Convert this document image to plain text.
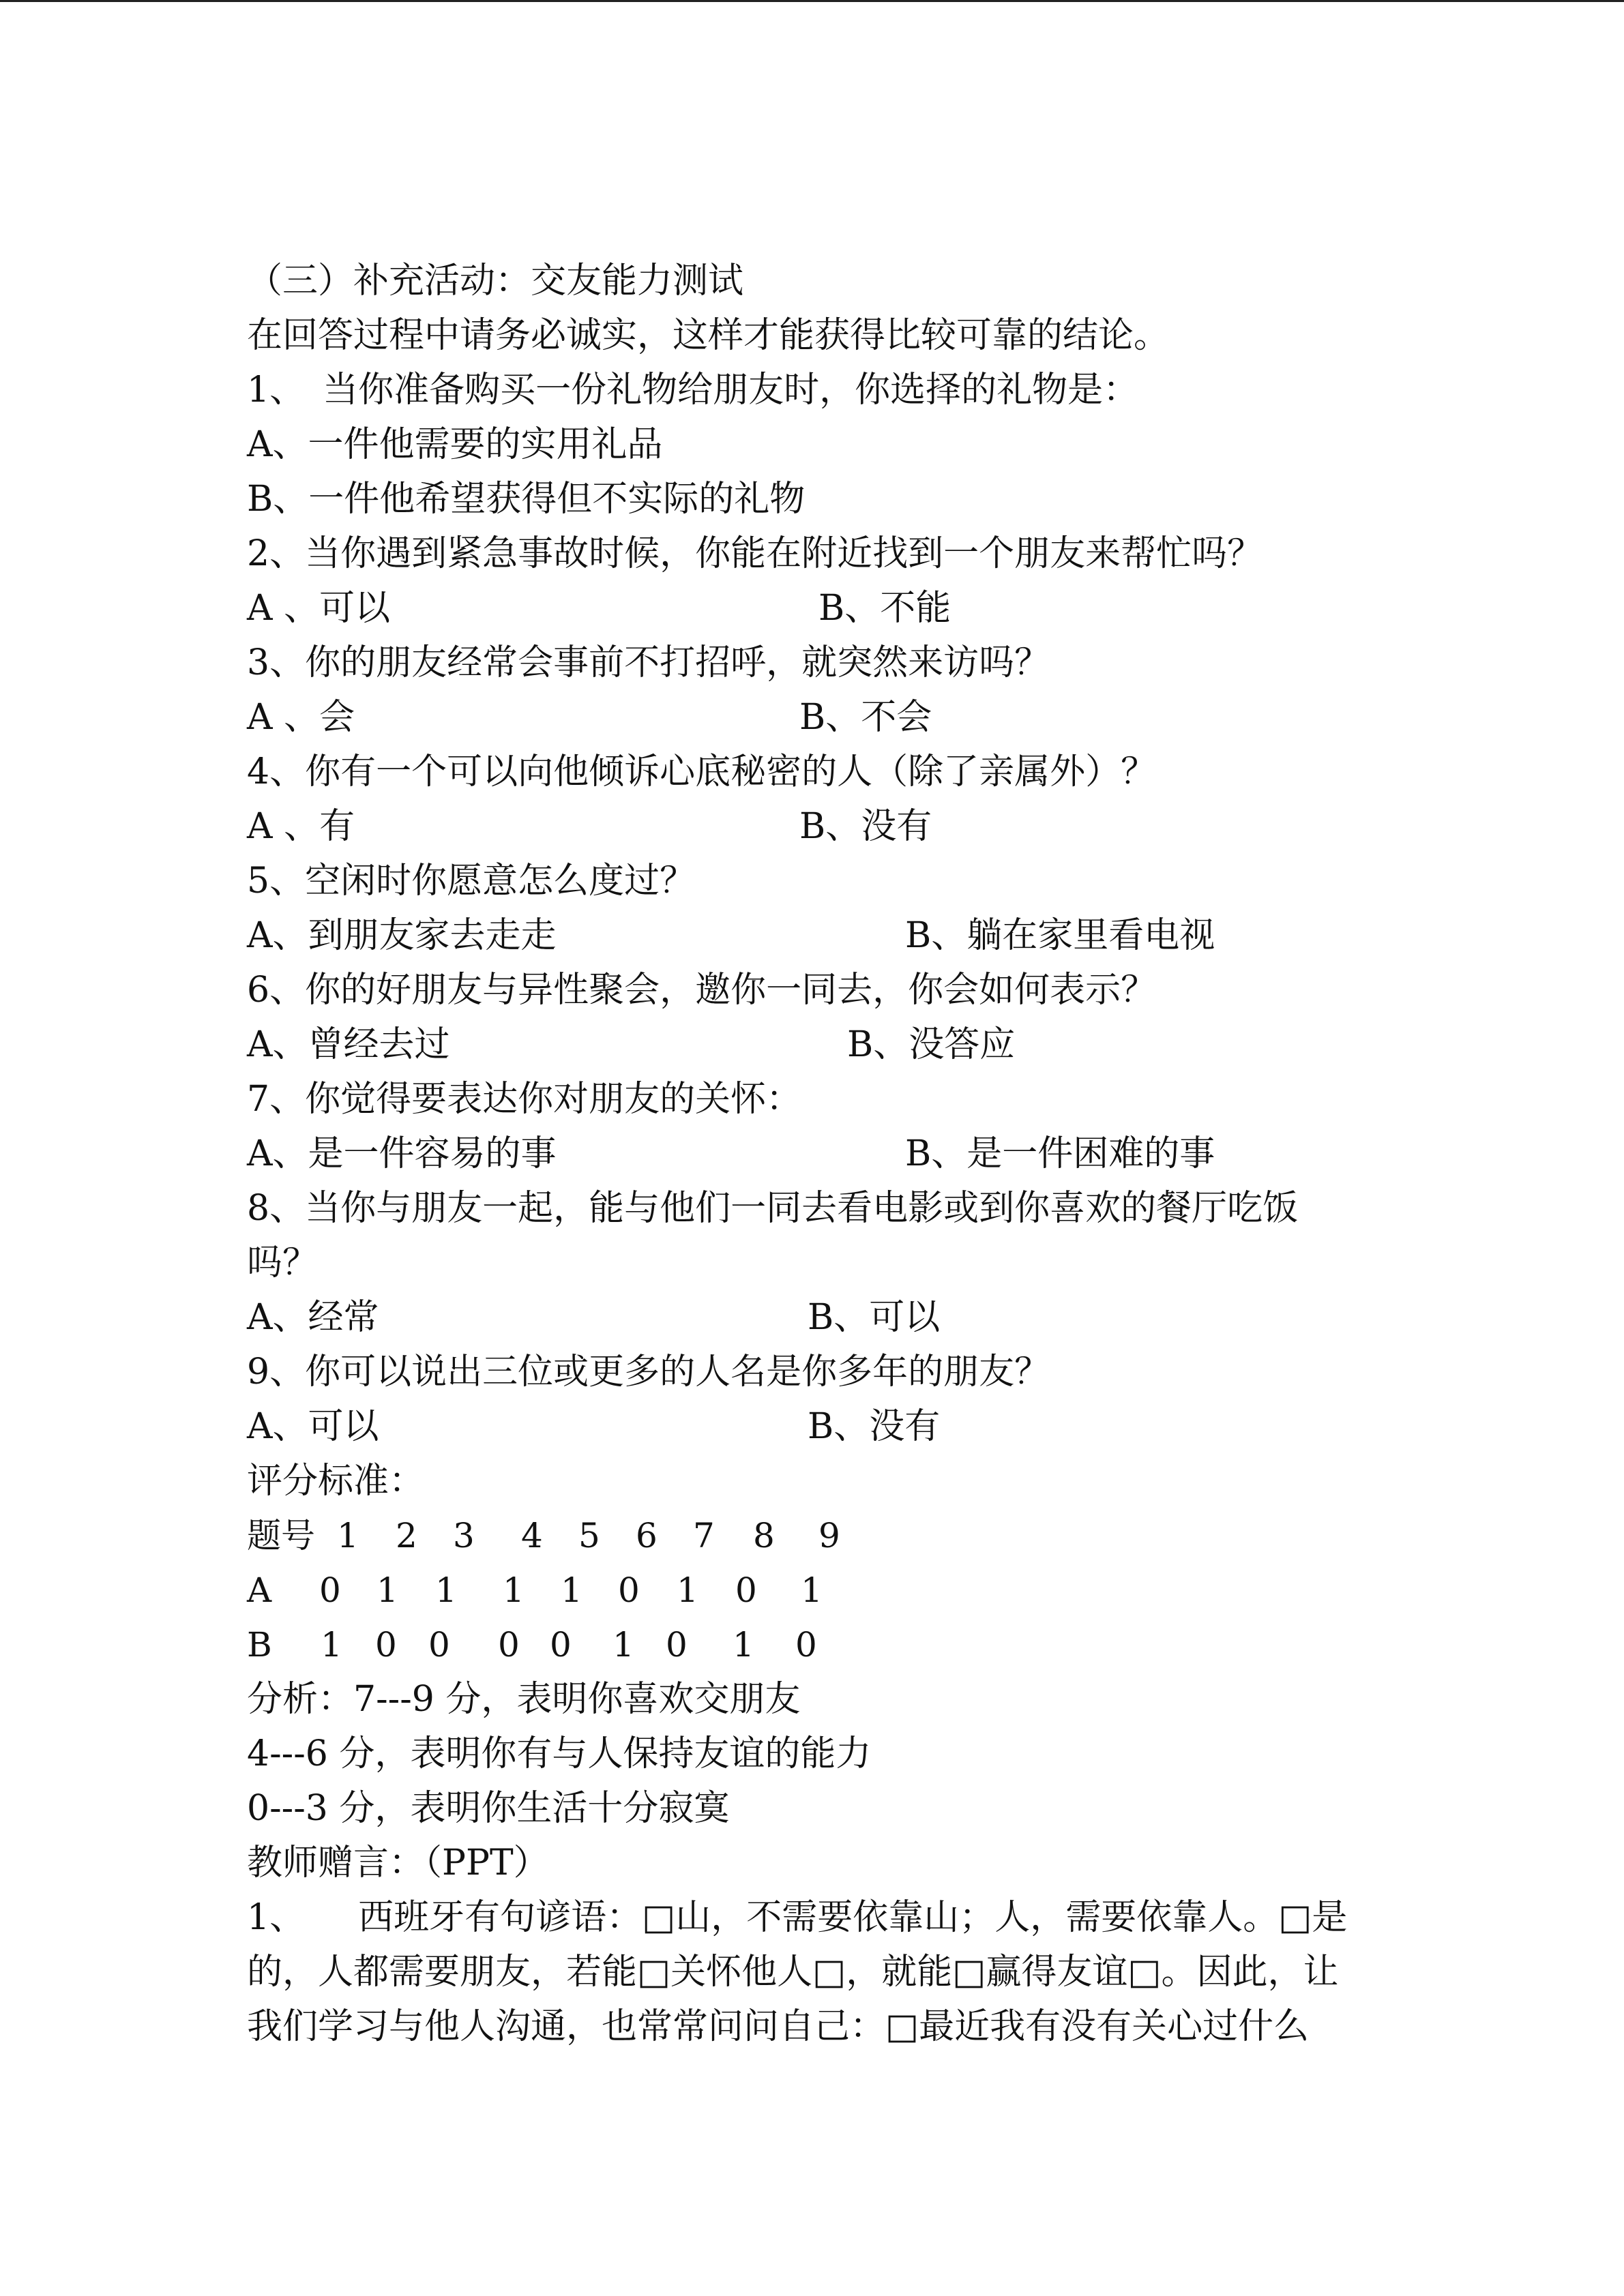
（三）补充活动：交友能力测试
在回答过程中请务必诚实，这样才能获得比较可靠的结论。
1、　当你准备购买一份礼物给朋友时，你选择的礼物是：
A、一件他需要的实用礼品
B、一件他希望获得但不实际的礼物
2、当你遇到紧急事故时候，你能在附近找到一个朋友来帮忙吗？
A 、可以	B、不能
3、你的朋友经常会事前不打招呼，就突然来访吗？
A 、会	B、不会
4、你有一个可以向他倾诉心底秘密的人（除了亲属外）？
A 、有	B、没有
5、空闲时你愿意怎么度过？
A、到朋友家去走走	B、躺在家里看电视
6、你的好朋友与异性聚会，邀你一同去，你会如何表示？
A、曾经去过	B、没答应
7、你觉得要表达你对朋友的关怀：
A、是一件容易的事	B、是一件困难的事
8、当你与朋友一起，能与他们一同去看电影或到你喜欢的餐厅吃饭
吗？
A、经常	B、可以
9、你可以说出三位或更多的人名是你多年的朋友？
A、可以	B、没有
评分标准：
题号 1 2 3 4 5 6 7 8 9
A 0 1 1 1 1 0 1 0 1
B 1 0 0 0 0 1 0 1 0
分析：7---9 分，表明你喜欢交朋友
4---6 分，表明你有与人保持友谊的能力
0---3 分，表明你生活十分寂寞
教师赠言：（PPT）
1、　　西班牙有句谚语：□山，不需要依靠山；人，需要依靠人。□是
的，人都需要朋友，若能□关怀他人□，就能□赢得友谊□。因此，让
我们学习与他人沟通，也常常问问自己：□最近我有没有关心过什么
